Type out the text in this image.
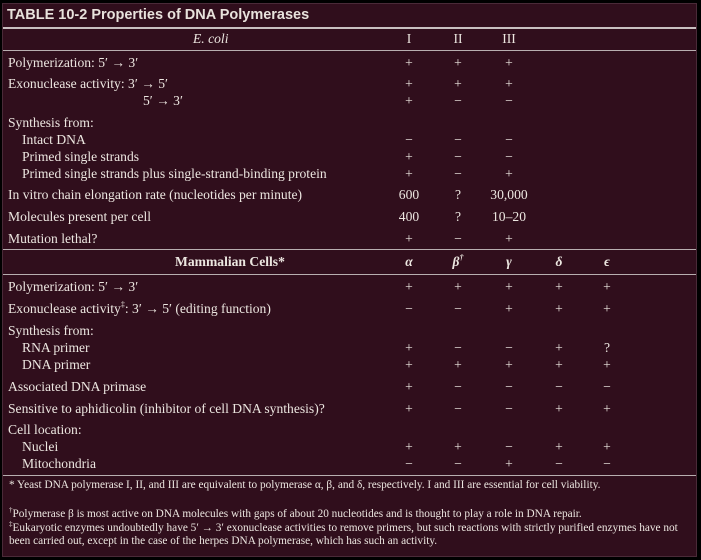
TABLE 10-2 Properties of DNA Polymerases
E. coli	I	II	III
Polymerization: 5′ → 3′	+	+	+
Exonuclease activity: 3′ → 5′	+	+	+
5′ → 3′	+	−	−
Synthesis from:
Intact DNA	−	−	−
Primed single strands	+	−	−
Primed single strands plus single-strand-binding protein	+	−	+
In vitro chain elongation rate (nucleotides per minute)	600	?	30,000
Molecules present per cell	400	?	10–20
Mutation lethal?	+	−	+
Mammalian Cells*	α	β†	γ	δ	ϵ
Polymerization: 5′ → 3′	+	+	+	+	+
Exonuclease activity‡: 3′ → 5′ (editing function)	−	−	+	+	+
Synthesis from:
RNA primer	+	−	−	+	?
DNA primer	+	+	+	+	+
Associated DNA primase	+	−	−	−	−
Sensitive to aphidicolin (inhibitor of cell DNA synthesis)?	+	−	−	+	+
Cell location:
Nuclei	+	+	−	+	+
Mitochondria	−	−	+	−	−
* Yeast DNA polymerase I, II, and III are equivalent to polymerase α, β, and δ, respectively. I and III are essential for cell viability.
†Polymerase β is most active on DNA molecules with gaps of about 20 nucleotides and is thought to play a role in DNA repair.
‡Eukaryotic enzymes undoubtedly have 5′ → 3′ exonuclease activities to remove primers, but such reactions with strictly purified enzymes have not been carried out, except in the case of the herpes DNA polymerase, which has such an activity.
